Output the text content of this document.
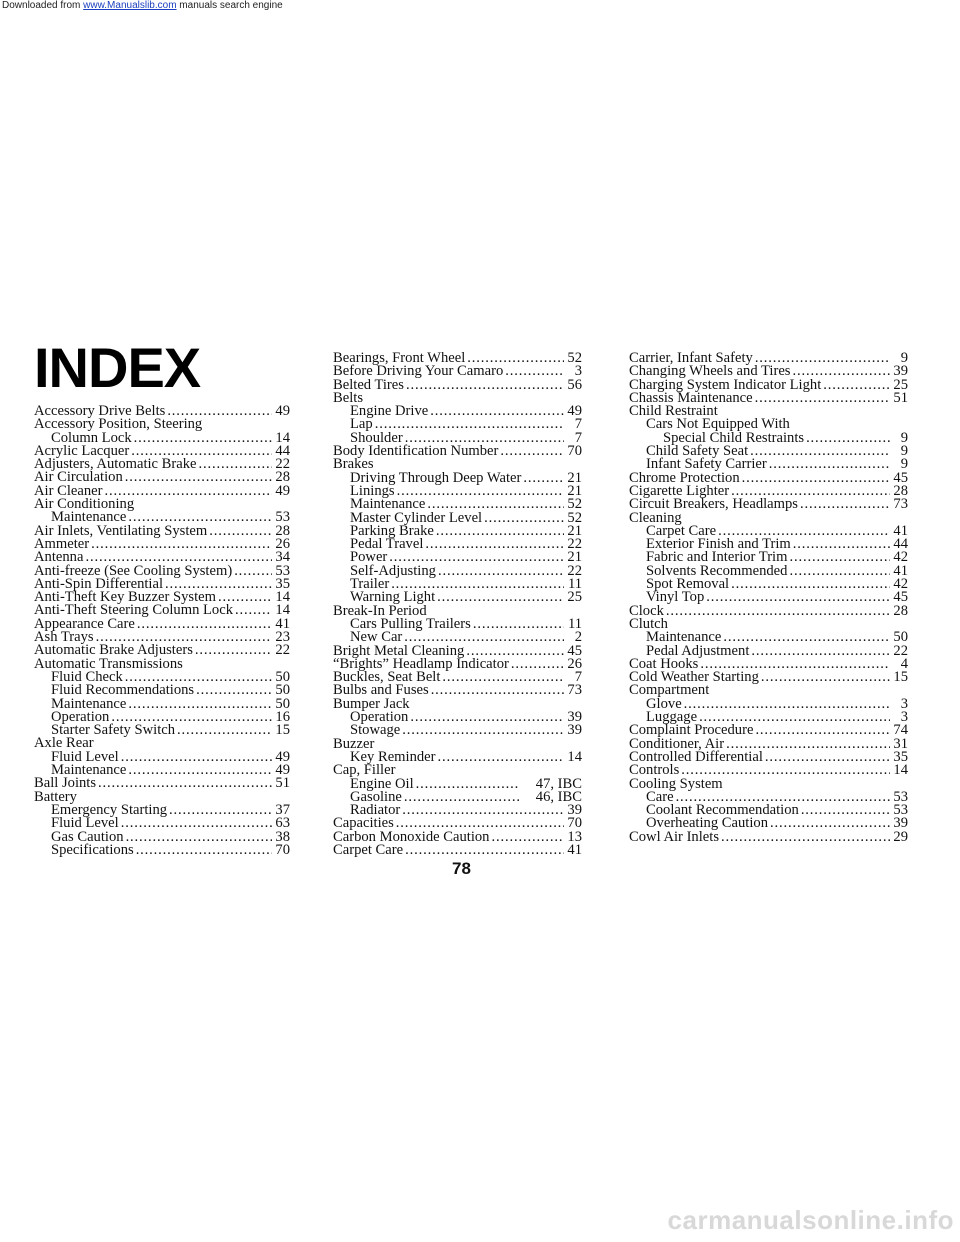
Downloaded from www.Manualslib.com manuals search engine
INDEX
Accessory Drive Belts . . .	49
Accessory Position, Steering
Column Lock . . .	14
Acrylic Lacquer . . .	44
Adjusters, Automatic Brake . . .	22
Air Circulation . . .	28
Air Cleaner . . .	49
Air Conditioning
Maintenance . . .	53
Air Inlets, Ventilating System . . .	28
Ammeter . . .	26
Antenna . . .	34
Anti-freeze (See Cooling System) . . .	53
Anti-Spin Differential . . .	35
Anti-Theft Key Buzzer System . . .	14
Anti-Theft Steering Column Lock . . .	14
Appearance Care . . .	41
Ash Trays . . .	23
Automatic Brake Adjusters . . .	22
Automatic Transmissions
Fluid Check . . .	50
Fluid Recommendations . . .	50
Maintenance . . .	50
Operation . . .	16
Starter Safety Switch . . .	15
Axle Rear
Fluid Level . . .	49
Maintenance . . .	49
Ball Joints . . .	51
Battery
Emergency Starting . . .	37
Fluid Level . . .	63
Gas Caution . . .	38
Specifications . . .	70
Bearings, Front Wheel . . .	52
Before Driving Your Camaro . . .	3
Belted Tires . . .	56
Belts
Engine Drive . . .	49
Lap . . .	7
Shoulder . . .	7
Body Identification Number . . .	70
Brakes
Driving Through Deep Water . . .	21
Linings . . .	21
Maintenance . . .	52
Master Cylinder Level . . .	52
Parking Brake . . .	21
Pedal Travel . . .	22
Power . . .	21
Self-Adjusting . . .	22
Trailer . . .	11
Warning Light . . .	25
Break-In Period
Cars Pulling Trailers . . .	11
New Car . . .	2
Bright Metal Cleaning . . .	45
“Brights” Headlamp Indicator . . .	26
Buckles, Seat Belt . . .	7
Bulbs and Fuses . . .	73
Bumper Jack
Operation . . .	39
Stowage . . .	39
Buzzer
Key Reminder . . .	14
Cap, Filler
Engine Oil . . .	47, IBC
Gasoline . . .	46, IBC
Radiator . . .	39
Capacities . . .	70
Carbon Monoxide Caution . . .	13
Carpet Care . . .	41
Carrier, Infant Safety . . .	9
Changing Wheels and Tires . . .	39
Charging System Indicator Light . . .	25
Chassis Maintenance . . .	51
Child Restraint
Cars Not Equipped With
Special Child Restraints . . .	9
Child Safety Seat . . .	9
Infant Safety Carrier . . .	9
Chrome Protection . . .	45
Cigarette Lighter . . .	28
Circuit Breakers, Headlamps . . .	73
Cleaning
Carpet Care . . .	41
Exterior Finish and Trim . . .	44
Fabric and Interior Trim . . .	42
Solvents Recommended . . .	41
Spot Removal . . .	42
Vinyl Top . . .	45
Clock . . .	28
Clutch
Maintenance . . .	50
Pedal Adjustment . . .	22
Coat Hooks . . .	4
Cold Weather Starting . . .	15
Compartment
Glove . . .	3
Luggage . . .	3
Complaint Procedure . . .	74
Conditioner, Air . . .	31
Controlled Differential . . .	35
Controls . . .	14
Cooling System
Care . . .	53
Coolant Recommendation . . .	53
Overheating Caution . . .	39
Cowl Air Inlets . . .	29
78
carmanualsonline.info
